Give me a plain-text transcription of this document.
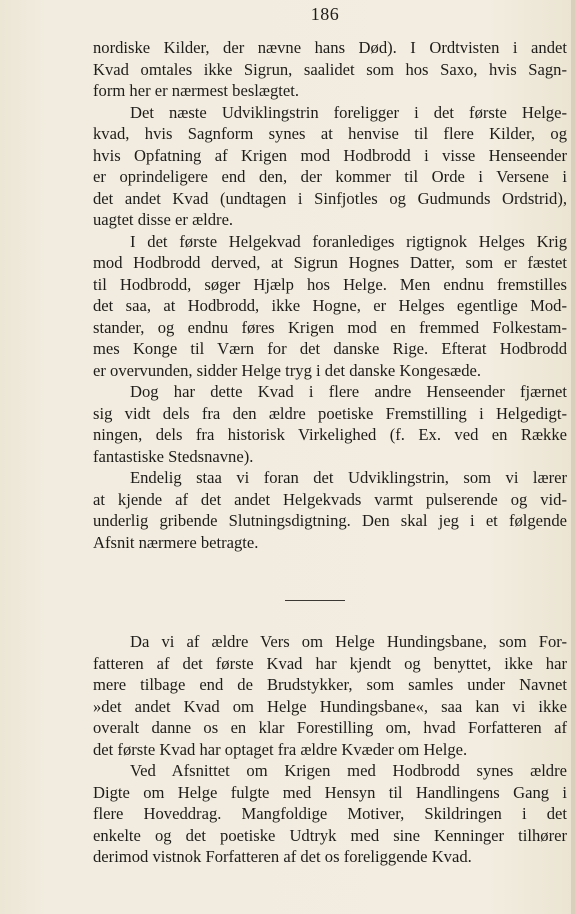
186
nordiske Kilder, der nævne hans Død). I Ordtvisten i andet
Kvad omtales ikke Sigrun, saalidet som hos Saxo, hvis Sagn-
form her er nærmest beslægtet.
Det næste Udviklingstrin foreligger i det første Helge-
kvad, hvis Sagnform synes at henvise til flere Kilder, og
hvis Opfatning af Krigen mod Hodbrodd i visse Henseender
er oprindeligere end den, der kommer til Orde i Versene i
det andet Kvad (undtagen i Sinfjotles og Gudmunds Ordstrid),
uagtet disse er ældre.
I det første Helgekvad foranlediges rigtignok Helges Krig
mod Hodbrodd derved, at Sigrun Hognes Datter, som er fæstet
til Hodbrodd, søger Hjælp hos Helge. Men endnu fremstilles
det saa, at Hodbrodd, ikke Hogne, er Helges egentlige Mod-
stander, og endnu føres Krigen mod en fremmed Folkestam-
mes Konge til Værn for det danske Rige. Efterat Hodbrodd
er overvunden, sidder Helge tryg i det danske Kongesæde.
Dog har dette Kvad i flere andre Henseender fjærnet
sig vidt dels fra den ældre poetiske Fremstilling i Helgedigt-
ningen, dels fra historisk Virkelighed (f. Ex. ved en Række
fantastiske Stedsnavne).
Endelig staa vi foran det Udviklingstrin, som vi lærer
at kjende af det andet Helgekvads varmt pulserende og vid-
underlig gribende Slutningsdigtning. Den skal jeg i et følgende
Afsnit nærmere betragte.
Da vi af ældre Vers om Helge Hundingsbane, som For-
fatteren af det første Kvad har kjendt og benyttet, ikke har
mere tilbage end de Brudstykker, som samles under Navnet
»det andet Kvad om Helge Hundingsbane«, saa kan vi ikke
overalt danne os en klar Forestilling om, hvad Forfatteren af
det første Kvad har optaget fra ældre Kvæder om Helge.
Ved Afsnittet om Krigen med Hodbrodd synes ældre
Digte om Helge fulgte med Hensyn til Handlingens Gang i
flere Hoveddrag. Mangfoldige Motiver, Skildringen i det
enkelte og det poetiske Udtryk med sine Kenninger tilhører
derimod vistnok Forfatteren af det os foreliggende Kvad.
